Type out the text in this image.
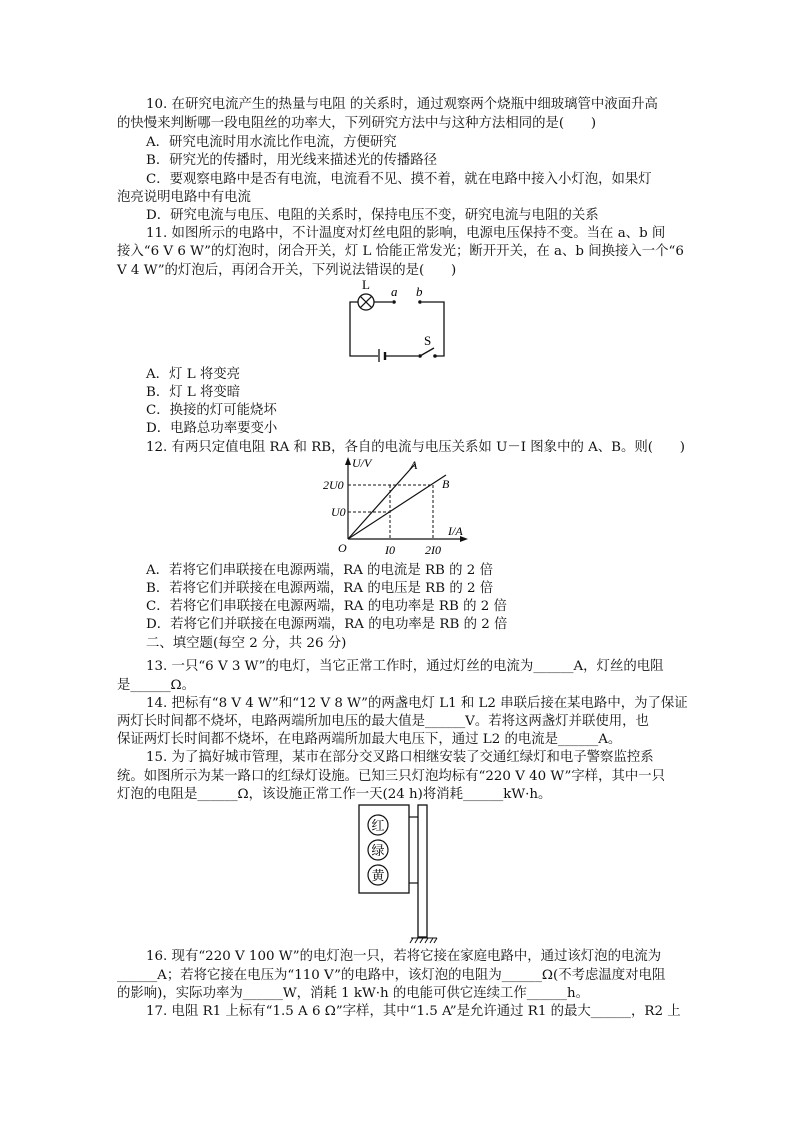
10. 在研究电流产生的热量与电阻 的关系时，通过观察两个烧瓶中细玻璃管中液面升高
的快慢来判断哪一段电阻丝的功率大，下列研究方法中与这种方法相同的是(　　)
A．研究电流时用水流比作电流，方便研究
B．研究光的传播时，用光线来描述光的传播路径
C．要观察电路中是否有电流，电流看不见、摸不着，就在电路中接入小灯泡，如果灯
泡亮说明电路中有电流
D．研究电流与电压、电阻的关系时，保持电压不变，研究电流与电阻的关系
11. 如图所示的电路中，不计温度对灯丝电阻的影响，电源电压保持不变。当在 a、b 间
接入“6 V 6 W”的灯泡时，闭合开关，灯 L 恰能正常发光；断开开关，在 a、b 间换接入一个“6
V 4 W”的灯泡后，再闭合开关，下列说法错误的是(　　)
L a b
S
A．灯 L 将变亮
B．灯 L 将变暗
C．换接的灯可能烧坏
D．电路总功率要变小
12. 有两只定值电阻 RA 和 RB，各自的电流与电压关系如 U－I 图象中的 A、B。则(　　)
U/V
I/A
O
A
B
2U0
U0
I0	2I0
A．若将它们串联接在电源两端，RA 的电流是 RB 的 2 倍
B．若将它们并联接在电源两端，RA 的电压是 RB 的 2 倍
C．若将它们串联接在电源两端，RA 的电功率是 RB 的 2 倍
D．若将它们并联接在电源两端，RA 的电功率是 RB 的 2 倍
二、填空题(每空 2 分，共 26 分)
13. 一只“6 V 3 W”的电灯，当它正常工作时，通过灯丝的电流为______A，灯丝的电阻
是______Ω。
14. 把标有“8 V 4 W”和“12 V 8 W”的两盏电灯 L1 和 L2 串联后接在某电路中，为了保证
两灯长时间都不烧坏，电路两端所加电压的最大值是______V。若将这两盏灯并联使用，也
保证两灯长时间都不烧坏，在电路两端所加最大电压下，通过 L2 的电流是______A。
15. 为了搞好城市管理，某市在部分交叉路口相继安装了交通红绿灯和电子警察监控系
统。如图所示为某一路口的红绿灯设施。已知三只灯泡均标有“220 V 40 W”字样，其中一只
灯泡的电阻是______Ω，该设施正常工作一天(24 h)将消耗______kW·h。
红
绿
黄
16. 现有“220 V 100 W”的电灯泡一只，若将它接在家庭电路中，通过该灯泡的电流为
______A；若将它接在电压为“110 V”的电路中，该灯泡的电阻为______Ω(不考虑温度对电阻
的影响)，实际功率为______W，消耗 1 kW·h 的电能可供它连续工作______h。
17. 电阻 R1 上标有“1.5 A 6 Ω”字样，其中“1.5 A”是允许通过 R1 的最大______，R2 上
